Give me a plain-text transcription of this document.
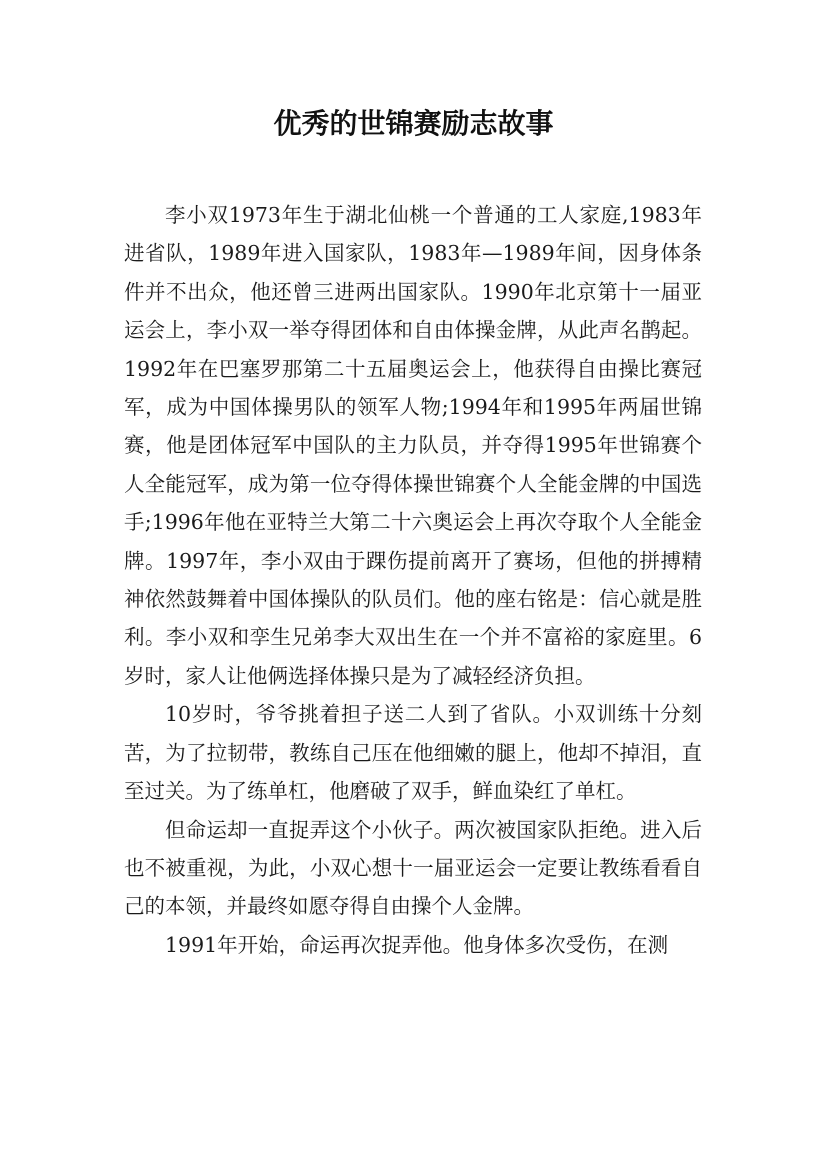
优秀的世锦赛励志故事

李小双1973年生于湖北仙桃一个普通的工人家庭,1983年进省队，1989年进入国家队，1983年—1989年间，因身体条件并不出众，他还曾三进两出国家队。1990年北京第十一届亚运会上，李小双一举夺得团体和自由体操金牌，从此声名鹊起。1992年在巴塞罗那第二十五届奥运会上，他获得自由操比赛冠军，成为中国体操男队的领军人物;1994年和1995年两届世锦赛，他是团体冠军中国队的主力队员，并夺得1995年世锦赛个人全能冠军，成为第一位夺得体操世锦赛个人全能金牌的中国选手;1996年他在亚特兰大第二十六奥运会上再次夺取个人全能金牌。1997年，李小双由于踝伤提前离开了赛场，但他的拼搏精神依然鼓舞着中国体操队的队员们。他的座右铭是：信心就是胜利。李小双和孪生兄弟李大双出生在一个并不富裕的家庭里。6岁时，家人让他俩选择体操只是为了减轻经济负担。

10岁时，爷爷挑着担子送二人到了省队。小双训练十分刻苦，为了拉韧带，教练自己压在他细嫩的腿上，他却不掉泪，直至过关。为了练单杠，他磨破了双手，鲜血染红了单杠。

但命运却一直捉弄这个小伙子。两次被国家队拒绝。进入后也不被重视，为此，小双心想十一届亚运会一定要让教练看看自己的本领，并最终如愿夺得自由操个人金牌。

1991年开始，命运再次捉弄他。他身体多次受伤，在测
